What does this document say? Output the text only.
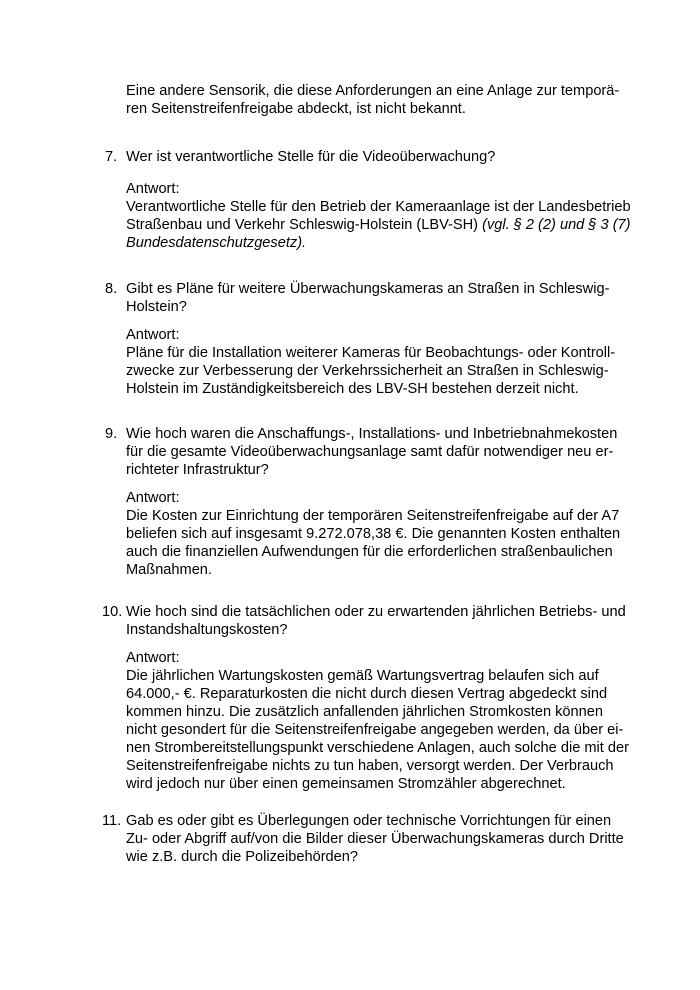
Eine andere Sensorik, die diese Anforderungen an eine Anlage zur temporä-
ren Seitenstreifenfreigabe abdeckt, ist nicht bekannt.
7. Wer ist verantwortliche Stelle für die Videoüberwachung?
Antwort:
Verantwortliche Stelle für den Betrieb der Kameraanlage ist der Landesbetrieb
Straßenbau und Verkehr Schleswig-Holstein (LBV-SH) (vgl. § 2 (2) und § 3 (7)
Bundesdatenschutzgesetz).
8. Gibt es Pläne für weitere Überwachungskameras an Straßen in Schleswig-
Holstein?
Antwort:
Pläne für die Installation weiterer Kameras für Beobachtungs- oder Kontroll-
zwecke zur Verbesserung der Verkehrssicherheit an Straßen in Schleswig-
Holstein im Zuständigkeitsbereich des LBV-SH bestehen derzeit nicht.
9. Wie hoch waren die Anschaffungs-, Installations- und Inbetriebnahmekosten
für die gesamte Videoüberwachungsanlage samt dafür notwendiger neu er-
richteter Infrastruktur?
Antwort:
Die Kosten zur Einrichtung der temporären Seitenstreifenfreigabe auf der A7
beliefen sich auf insgesamt 9.272.078,38 €. Die genannten Kosten enthalten
auch die finanziellen Aufwendungen für die erforderlichen straßenbaulichen
Maßnahmen.
10. Wie hoch sind die tatsächlichen oder zu erwartenden jährlichen Betriebs- und
Instandshaltungskosten?
Antwort:
Die jährlichen Wartungskosten gemäß Wartungsvertrag belaufen sich auf
64.000,- €. Reparaturkosten die nicht durch diesen Vertrag abgedeckt sind
kommen hinzu. Die zusätzlich anfallenden jährlichen Stromkosten können
nicht gesondert für die Seitenstreifenfreigabe angegeben werden, da über ei-
nen Strombereitstellungspunkt verschiedene Anlagen, auch solche die mit der
Seitenstreifenfreigabe nichts zu tun haben, versorgt werden. Der Verbrauch
wird jedoch nur über einen gemeinsamen Stromzähler abgerechnet.
11. Gab es oder gibt es Überlegungen oder technische Vorrichtungen für einen
Zu- oder Abgriff auf/von die Bilder dieser Überwachungskameras durch Dritte
wie z.B. durch die Polizeibehörden?
